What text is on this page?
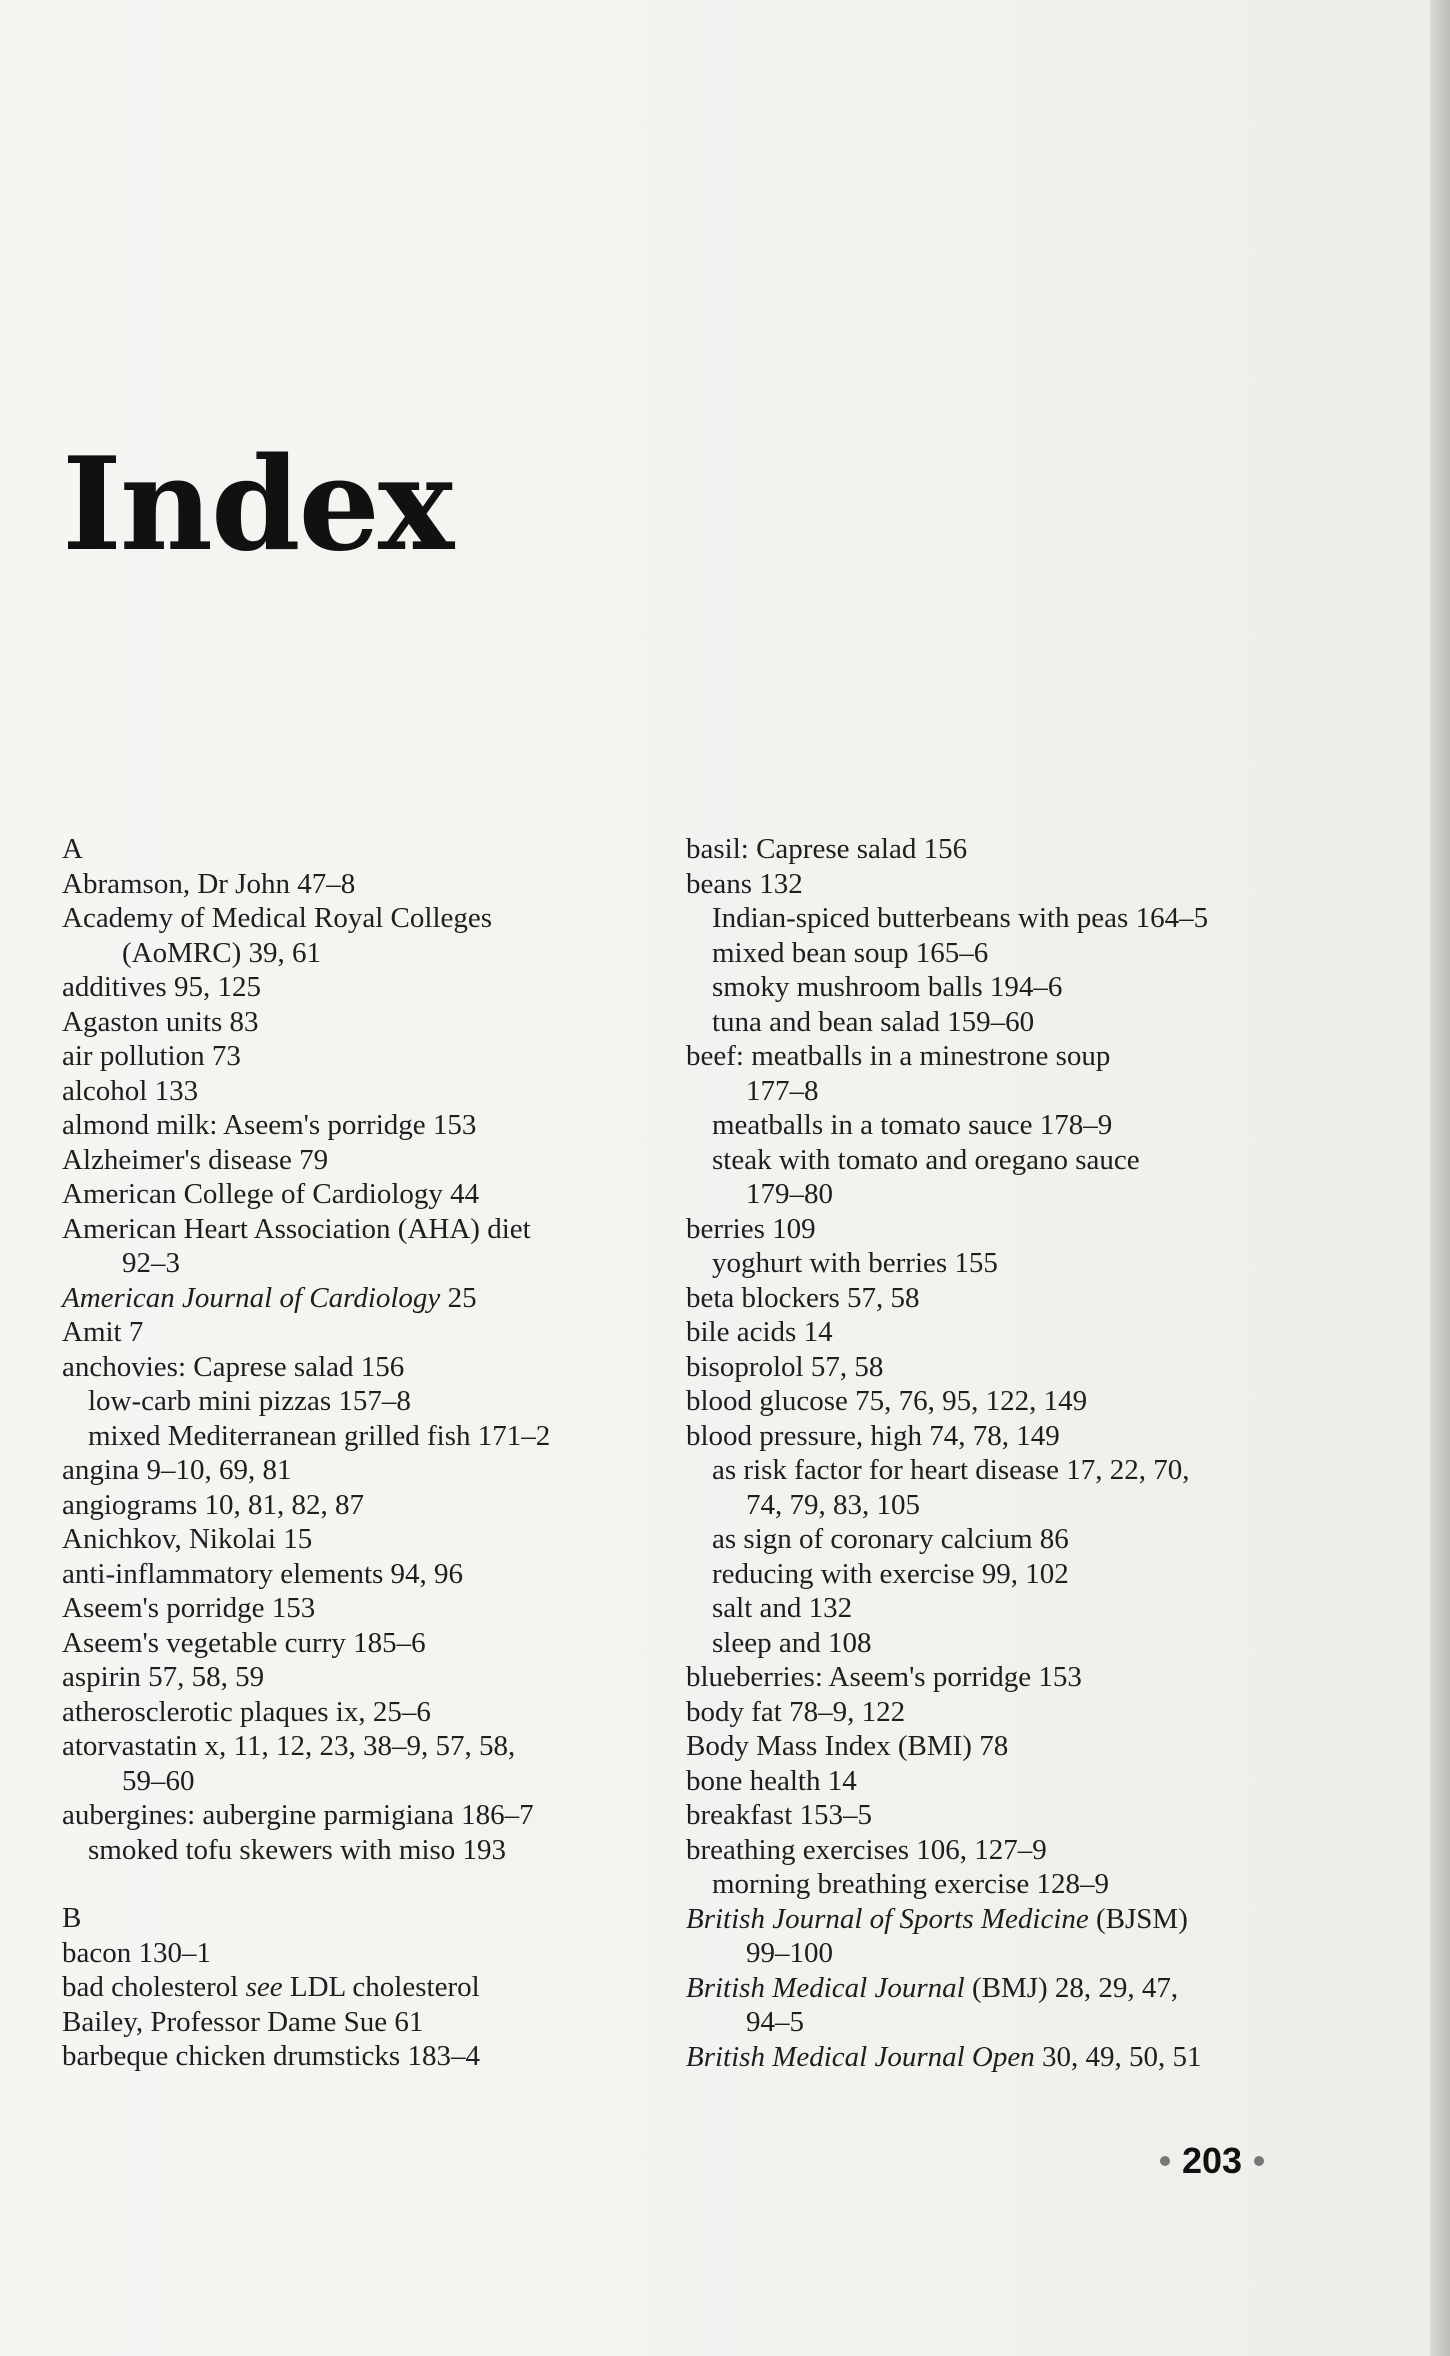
Index
A
Abramson, Dr John 47–8
Academy of Medical Royal Colleges
(AoMRC) 39, 61
additives 95, 125
Agaston units 83
air pollution 73
alcohol 133
almond milk: Aseem's porridge 153
Alzheimer's disease 79
American College of Cardiology 44
American Heart Association (AHA) diet
92–3
American Journal of Cardiology 25
Amit 7
anchovies: Caprese salad 156
low-carb mini pizzas 157–8
mixed Mediterranean grilled fish 171–2
angina 9–10, 69, 81
angiograms 10, 81, 82, 87
Anichkov, Nikolai 15
anti-inflammatory elements 94, 96
Aseem's porridge 153
Aseem's vegetable curry 185–6
aspirin 57, 58, 59
atherosclerotic plaques ix, 25–6
atorvastatin x, 11, 12, 23, 38–9, 57, 58,
59–60
aubergines: aubergine parmigiana 186–7
smoked tofu skewers with miso 193
B
bacon 130–1
bad cholesterol see LDL cholesterol
Bailey, Professor Dame Sue 61
barbeque chicken drumsticks 183–4
basil: Caprese salad 156
beans 132
Indian-spiced butterbeans with peas 164–5
mixed bean soup 165–6
smoky mushroom balls 194–6
tuna and bean salad 159–60
beef: meatballs in a minestrone soup
177–8
meatballs in a tomato sauce 178–9
steak with tomato and oregano sauce
179–80
berries 109
yoghurt with berries 155
beta blockers 57, 58
bile acids 14
bisoprolol 57, 58
blood glucose 75, 76, 95, 122, 149
blood pressure, high 74, 78, 149
as risk factor for heart disease 17, 22, 70,
74, 79, 83, 105
as sign of coronary calcium 86
reducing with exercise 99, 102
salt and 132
sleep and 108
blueberries: Aseem's porridge 153
body fat 78–9, 122
Body Mass Index (BMI) 78
bone health 14
breakfast 153–5
breathing exercises 106, 127–9
morning breathing exercise 128–9
British Journal of Sports Medicine (BJSM)
99–100
British Medical Journal (BMJ) 28, 29, 47,
94–5
British Medical Journal Open 30, 49, 50, 51
203
